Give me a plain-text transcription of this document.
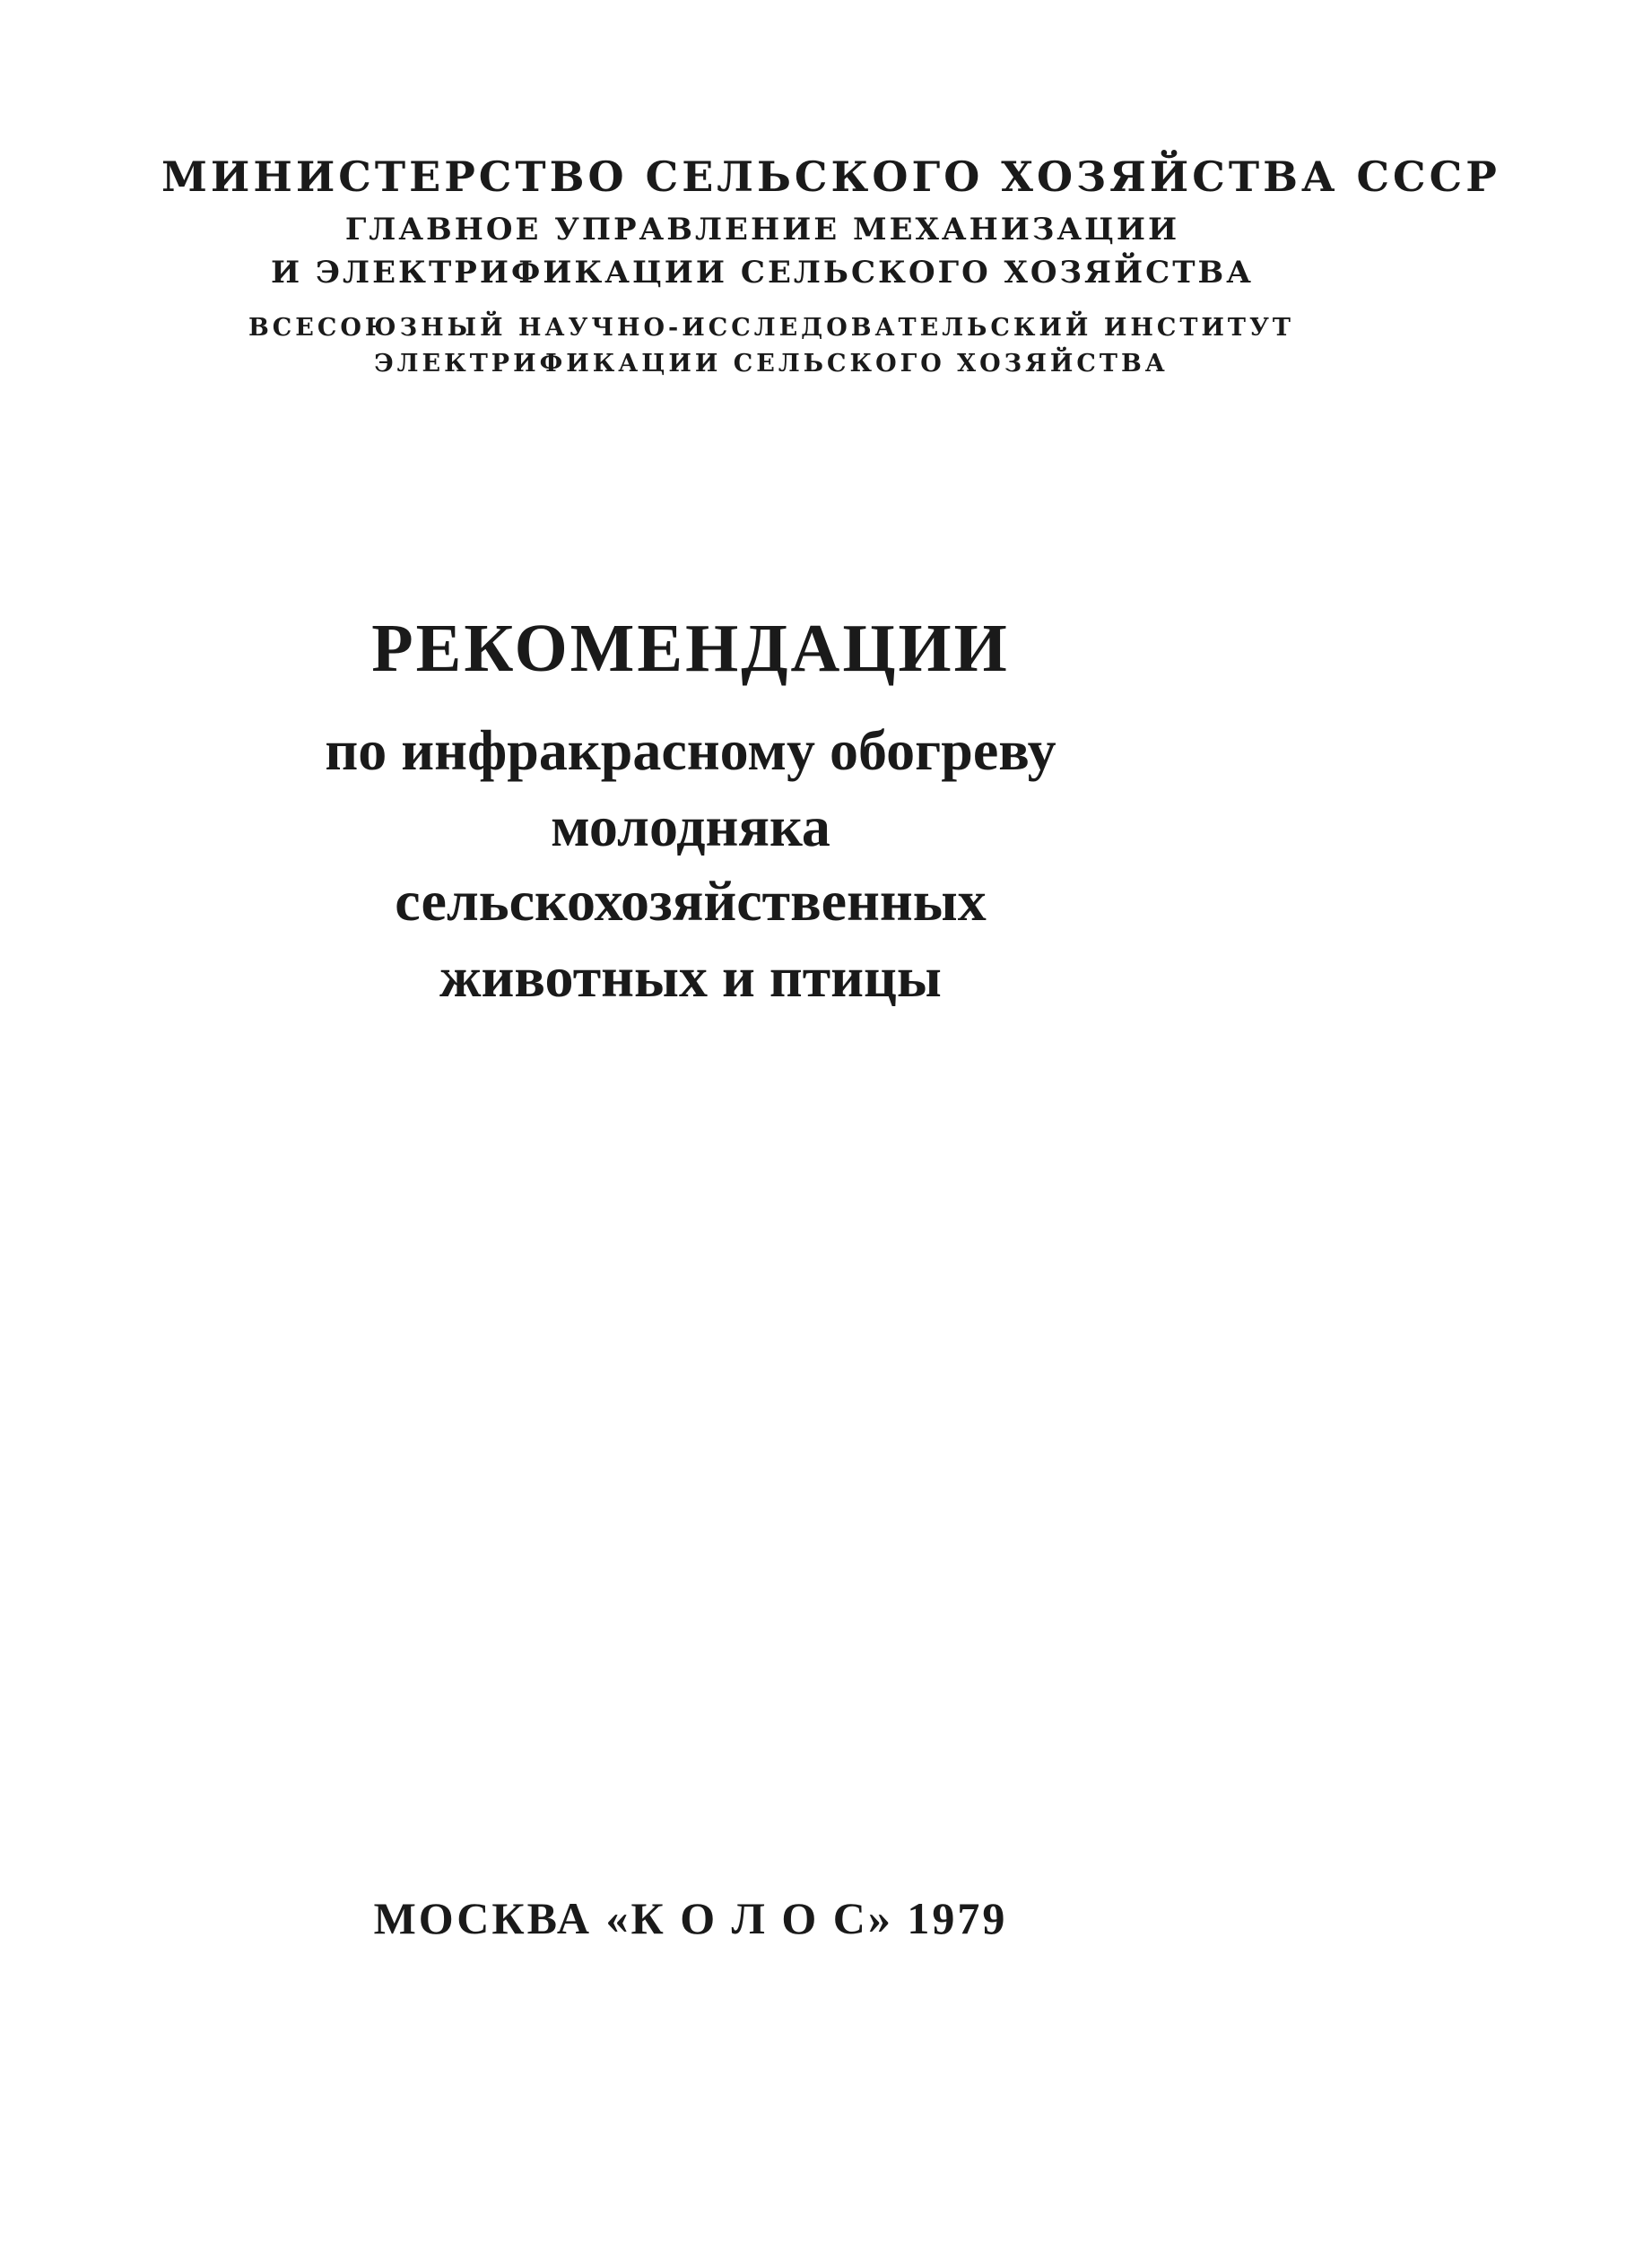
МИНИСТЕРСТВО СЕЛЬСКОГО ХОЗЯЙСТВА СССР
ГЛАВНОЕ УПРАВЛЕНИЕ МЕХАНИЗАЦИИ
И ЭЛЕКТРИФИКАЦИИ СЕЛЬСКОГО ХОЗЯЙСТВА
ВСЕСОЮЗНЫЙ НАУЧНО-ИССЛЕДОВАТЕЛЬСКИЙ ИНСТИТУТ
ЭЛЕКТРИФИКАЦИИ СЕЛЬСКОГО ХОЗЯЙСТВА
РЕКОМЕНДАЦИИ
по инфракрасному обогреву
молодняка
сельскохозяйственных
животных и птицы
МОСКВА «К О Л О С» 1979
